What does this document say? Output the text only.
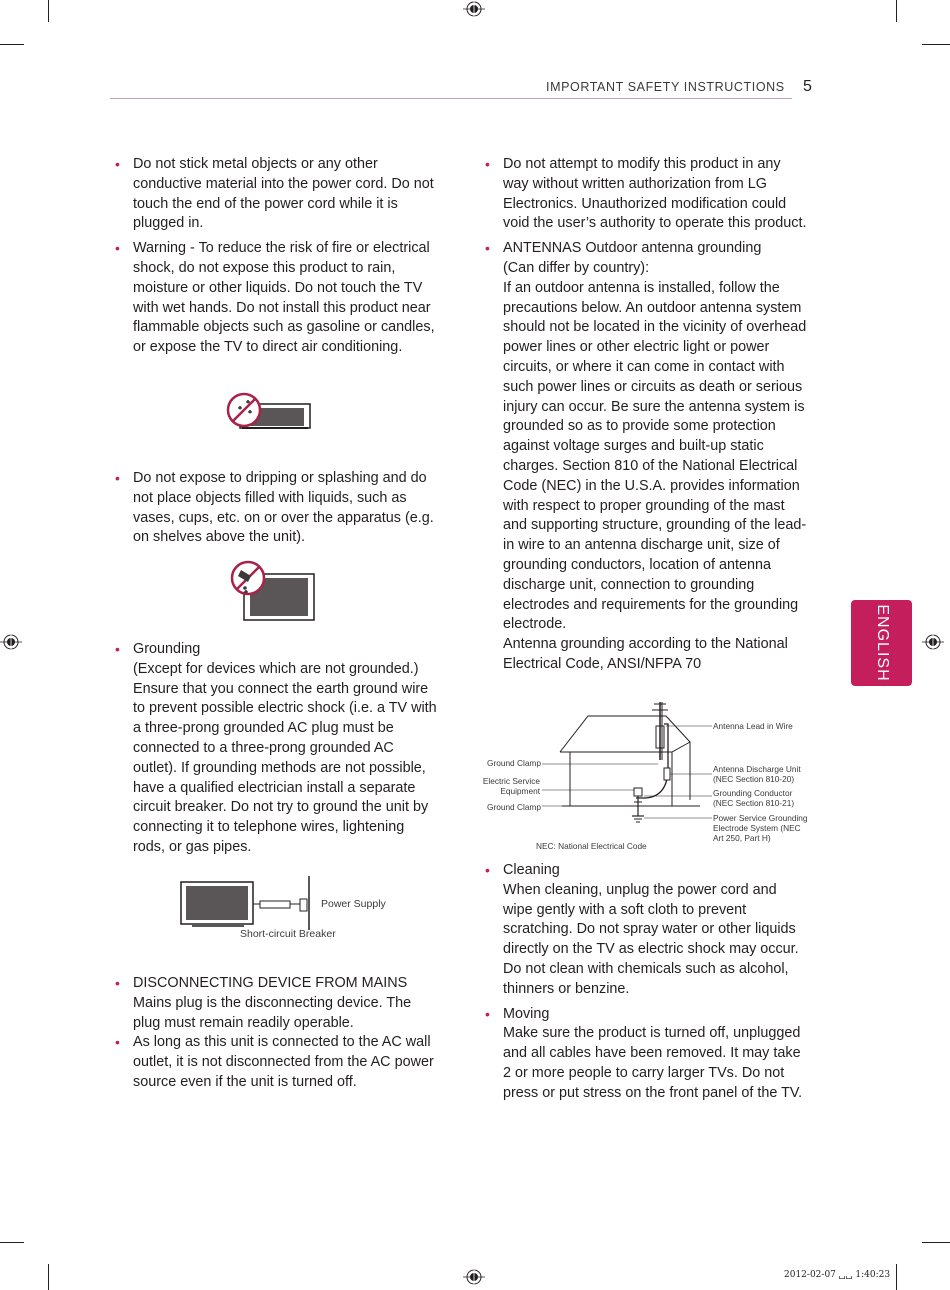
IMPORTANT SAFETY INSTRUCTIONS 5
ENGLISH
• Do not stick metal objects or any other conductive material into the power cord. Do not touch the end of the power cord while it is plugged in.

• Warning - To reduce the risk of fire or electrical shock, do not expose this product to rain, moisture or other liquids. Do not touch the TV with wet hands. Do not install this product near flammable objects such as gasoline or candles, or expose the TV to direct air conditioning.

• Do not expose to dripping or splashing and do not place objects filled with liquids, such as vases, cups, etc. on or over the apparatus (e.g. on shelves above the unit).

• Grounding

(Except for devices which are not grounded.) Ensure that you connect the earth ground wire to prevent possible electric shock (i.e. a TV with a three-prong grounded AC plug must be connected to a three-prong grounded AC outlet). If grounding methods are not possible, have a qualified electrician install a separate circuit breaker. Do not try to ground the unit by connecting it to telephone wires, lightening rods, or gas pipes.

Power Supply
Short-circuit Breaker
• DISCONNECTING DEVICE FROM MAINS

Mains plug is the disconnecting device. The plug must remain readily operable.

• As long as this unit is connected to the AC wall outlet, it is not disconnected from the AC power source even if the unit is turned off.

• Do not attempt to modify this product in any way without written authorization from LG Electronics. Unauthorized modification could void the user’s authority to operate this product.

• ANTENNAS Outdoor antenna grounding

(Can differ by country):

If an outdoor antenna is installed, follow the precautions below. An outdoor antenna system should not be located in the vicinity of overhead power lines or other electric light or power circuits, or where it can come in contact with such power lines or circuits as death or serious injury can occur. Be sure the antenna system is grounded so as to provide some protection against voltage surges and built-up static charges. Section 810 of the National Electrical Code (NEC) in the U.S.A. provides information with respect to proper grounding of the mast and supporting structure, grounding of the lead-in wire to an antenna discharge unit, size of grounding conductors, location of antenna discharge unit, connection to grounding electrodes and requirements for the grounding electrode.

Antenna grounding according to the National Electrical Code, ANSI/NFPA 70

Ground Clamp
Electric Service Equipment
Ground Clamp
Antenna Lead in Wire
Antenna Discharge Unit (NEC Section 810-20)
Grounding Conductor (NEC Section 810-21)
Power Service Grounding Electrode System (NEC Art 250, Part H)
NEC: National Electrical Code
• Cleaning

When cleaning, unplug the power cord and wipe gently with a soft cloth to prevent scratching. Do not spray water or other liquids directly on the TV as electric shock may occur. Do not clean with chemicals such as alcohol, thinners or benzine.

• Moving

Make sure the product is turned off, unplugged and all cables have been removed. It may take 2 or more people to carry larger TVs. Do not press or put stress on the front panel of the TV.

2012-02-07 ␣␣ 1:40:23
